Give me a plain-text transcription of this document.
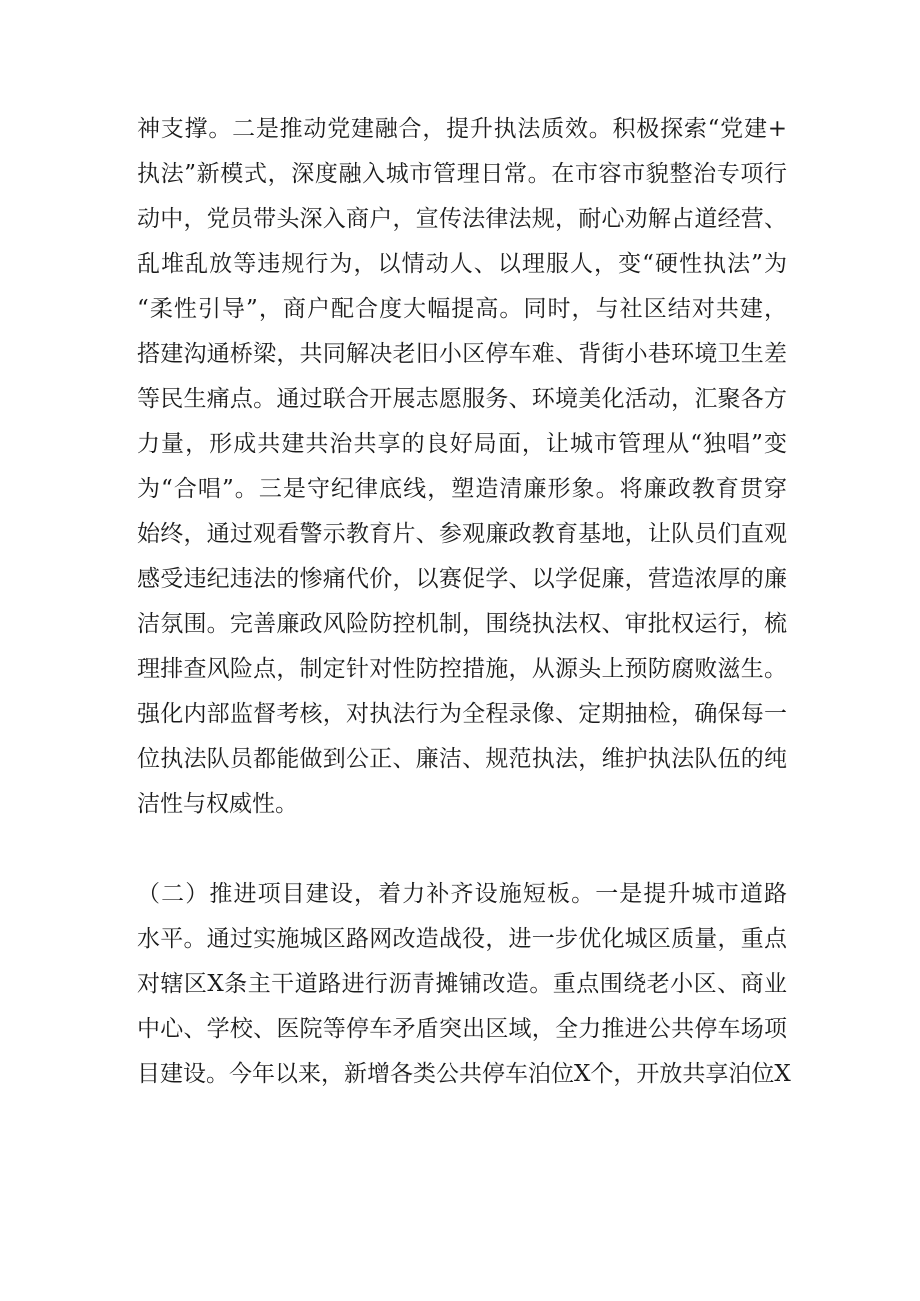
神支撑。二是推动党建融合，提升执法质效。积极探索“党建+
执法”新模式，深度融入城市管理日常。在市容市貌整治专项行
动中，党员带头深入商户，宣传法律法规，耐心劝解占道经营、
乱堆乱放等违规行为，以情动人、以理服人，变“硬性执法”为
“柔性引导”，商户配合度大幅提高。同时，与社区结对共建，
搭建沟通桥梁，共同解决老旧小区停车难、背街小巷环境卫生差
等民生痛点。通过联合开展志愿服务、环境美化活动，汇聚各方
力量，形成共建共治共享的良好局面，让城市管理从“独唱”变
为“合唱”。三是守纪律底线，塑造清廉形象。将廉政教育贯穿
始终，通过观看警示教育片、参观廉政教育基地，让队员们直观
感受违纪违法的惨痛代价，以赛促学、以学促廉，营造浓厚的廉
洁氛围。完善廉政风险防控机制，围绕执法权、审批权运行，梳
理排查风险点，制定针对性防控措施，从源头上预防腐败滋生。
强化内部监督考核，对执法行为全程录像、定期抽检，确保每一
位执法队员都能做到公正、廉洁、规范执法，维护执法队伍的纯
洁性与权威性。
（二）推进项目建设，着力补齐设施短板。一是提升城市道路
水平。通过实施城区路网改造战役，进一步优化城区质量，重点
对辖区X条主干道路进行沥青摊铺改造。重点围绕老小区、商业
中心、学校、医院等停车矛盾突出区域，全力推进公共停车场项
目建设。今年以来，新增各类公共停车泊位X个，开放共享泊位X
